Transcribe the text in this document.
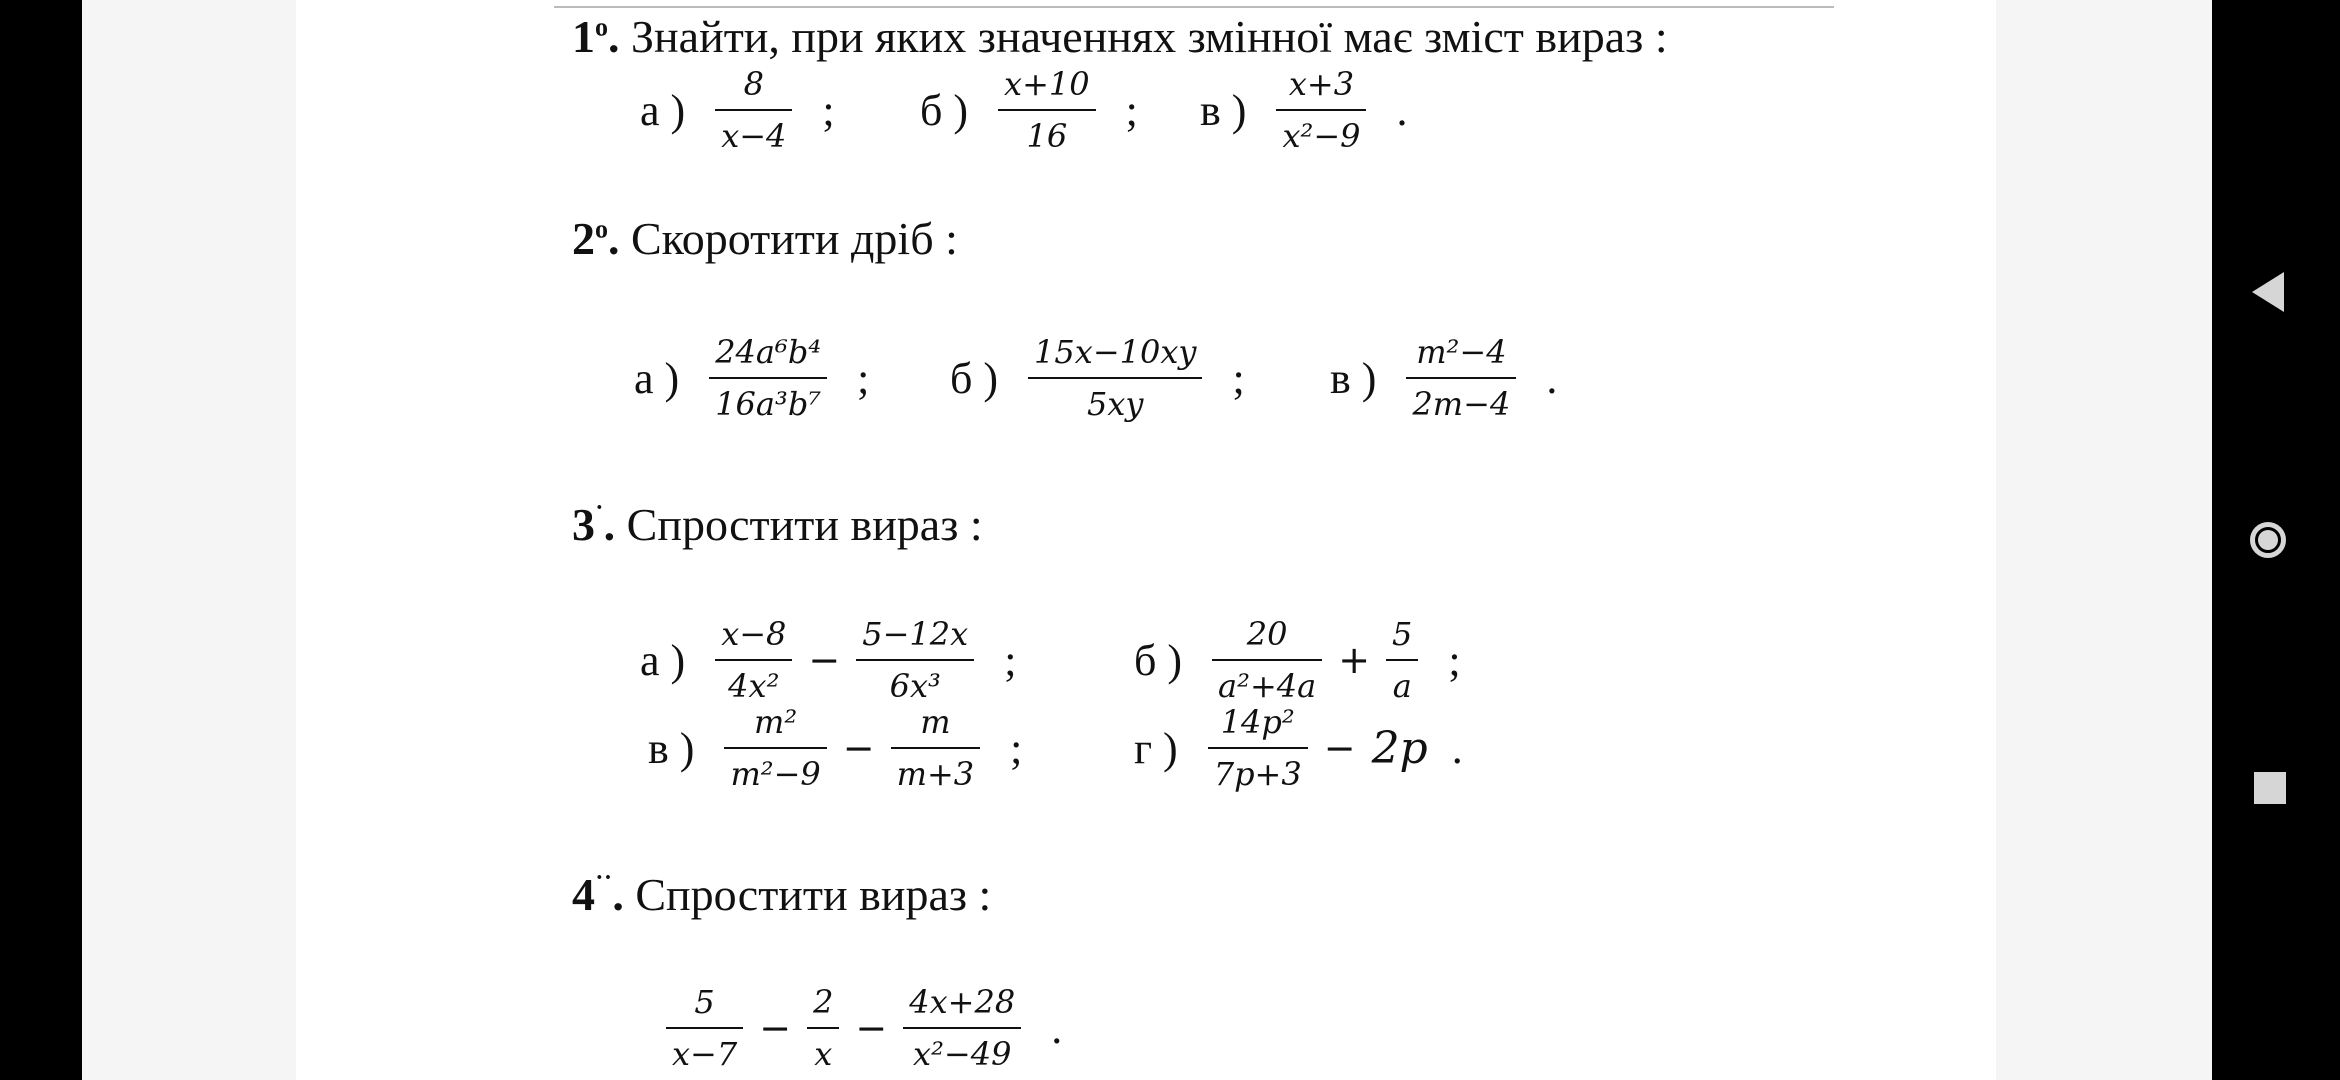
1$^o$. Знайти, при яких значеннях змінної має зміст вираз :
а ) $\frac{8}{x-4}$ ; б ) $\frac{x+10}{16}$ ; в ) $\frac{x+3}{\text{x²−9}}$ .
2$^o$. Скоротити дріб :
а ) $\frac{\text{24a⁶b⁴}}{\text{16a³b⁷}}$ ; б ) $\frac{15x-10xy}{5xy}$ ; в ) $\frac{\text{m²−4}}{2m-4}$ .
3˙. Спростити вираз :
а ) $\frac{x-8}{\text{4x²}} - \frac{5-12x}{\text{6x³}}$ ;	б ) $\frac{20}{\text{a²+4a}} + \frac{5}{a}$ ;
в ) $\frac{\text{m²}}{\text{m²−9}} - \frac{m}{m+3}$ ;	г ) $\frac{\text{14p²}}{7p+3} - 2p$ .
4˙˙. Спростити вираз :
$\frac{5}{x-7} - \frac{2}{x} - \frac{4x+28}{\text{x²−49}}$ .
